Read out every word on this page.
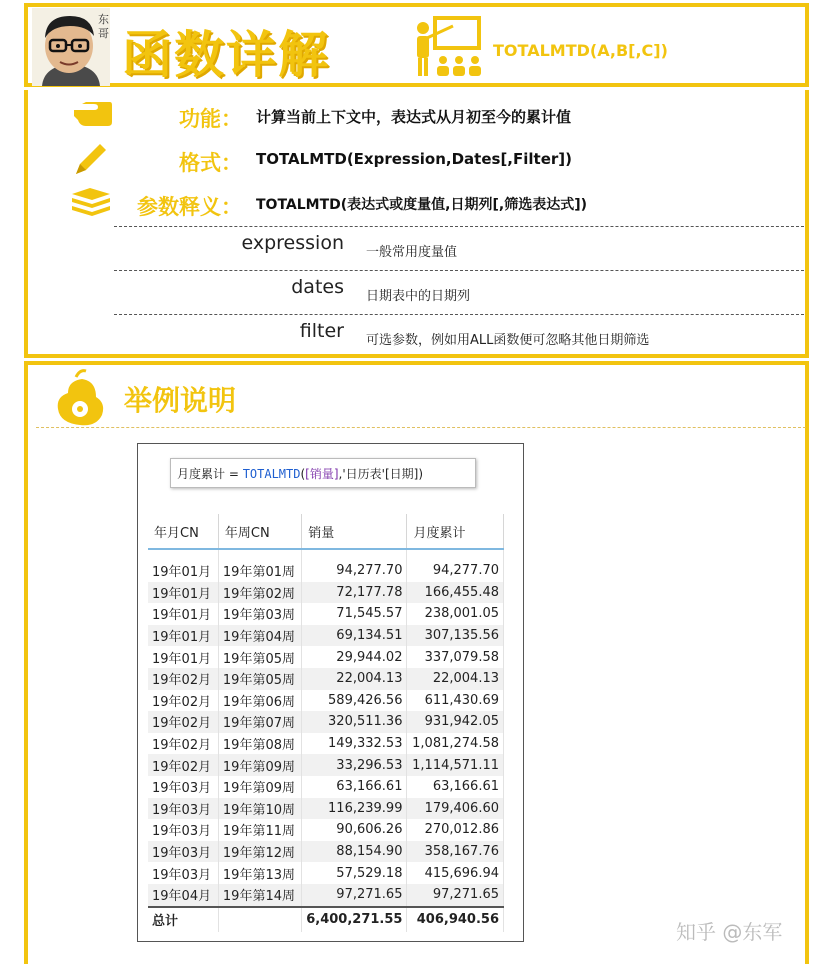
东
哥 函数详解	TOTALMTD(A,B[,C])
功能： 计算当前上下文中，表达式从月初至今的累计值
格式： TOTALMTD(Expression,Dates[,Filter])
参数释义： TOTALMTD(表达式或度量值,日期列[,筛选表达式])
expression 一般常用度量值
dates 日期表中的日期列
filter 可选参数，例如用ALL函数便可忽略其他日期筛选
举例说明
月度累计 = TOTALMTD([销量],'日历表'[日期])
年月CN	年周CN	销量	月度累计

19年01月	19年第01周	94,277.70	94,277.70
19年01月	19年第02周	72,177.78	166,455.48
19年01月	19年第03周	71,545.57	238,001.05
19年01月	19年第04周	69,134.51	307,135.56
19年01月	19年第05周	29,944.02	337,079.58
19年02月	19年第05周	22,004.13	22,004.13
19年02月	19年第06周	589,426.56	611,430.69
19年02月	19年第07周	320,511.36	931,942.05
19年02月	19年第08周	149,332.53	1,081,274.58
19年02月	19年第09周	33,296.53	1,114,571.11
19年03月	19年第09周	63,166.61	63,166.61
19年03月	19年第10周	116,239.99	179,406.60
19年03月	19年第11周	90,606.26	270,012.86
19年03月	19年第12周	88,154.90	358,167.76
19年03月	19年第13周	57,529.18	415,696.94
19年04月	19年第14周	97,271.65	97,271.65
总计		6,400,271.55	406,940.56
知乎 @东军
